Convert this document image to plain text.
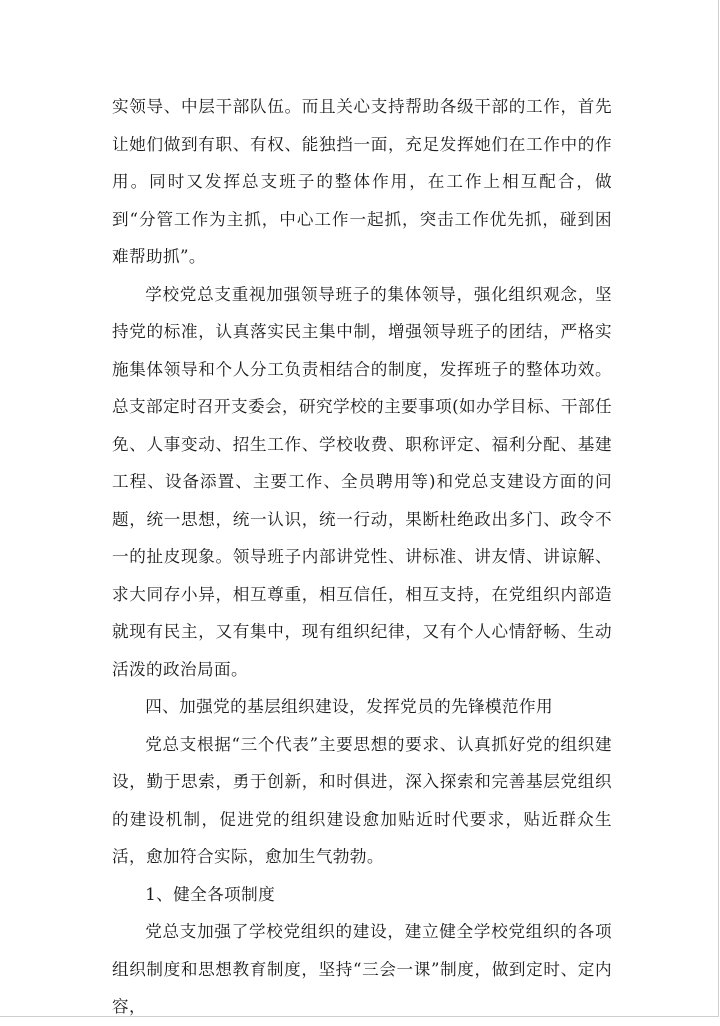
实领导、中层干部队伍。而且关心支持帮助各级干部的工作，首先让她们做到有职、有权、能独挡一面，充足发挥她们在工作中的作用。同时又发挥总支班子的整体作用，在工作上相互配合，做到“分管工作为主抓，中心工作一起抓，突击工作优先抓，碰到困难帮助抓”。

学校党总支重视加强领导班子的集体领导，强化组织观念，坚持党的标准，认真落实民主集中制，增强领导班子的团结，严格实施集体领导和个人分工负责相结合的制度，发挥班子的整体功效。总支部定时召开支委会，研究学校的主要事项(如办学目标、干部任免、人事变动、招生工作、学校收费、职称评定、福利分配、基建工程、设备添置、主要工作、全员聘用等)和党总支建设方面的问题，统一思想，统一认识，统一行动，果断杜绝政出多门、政令不一的扯皮现象。领导班子内部讲党性、讲标准、讲友情、讲谅解、求大同存小异，相互尊重，相互信任，相互支持，在党组织内部造就现有民主，又有集中，现有组织纪律，又有个人心情舒畅、生动活泼的政治局面。

四、加强党的基层组织建设，发挥党员的先锋模范作用

党总支根据“三个代表”主要思想的要求、认真抓好党的组织建设，勤于思索，勇于创新，和时俱进，深入探索和完善基层党组织的建设机制，促进党的组织建设愈加贴近时代要求，贴近群众生活，愈加符合实际，愈加生气勃勃。

1、健全各项制度

党总支加强了学校党组织的建设，建立健全学校党组织的各项组织制度和思想教育制度，坚持“三会一课”制度，做到定时、定内容，
